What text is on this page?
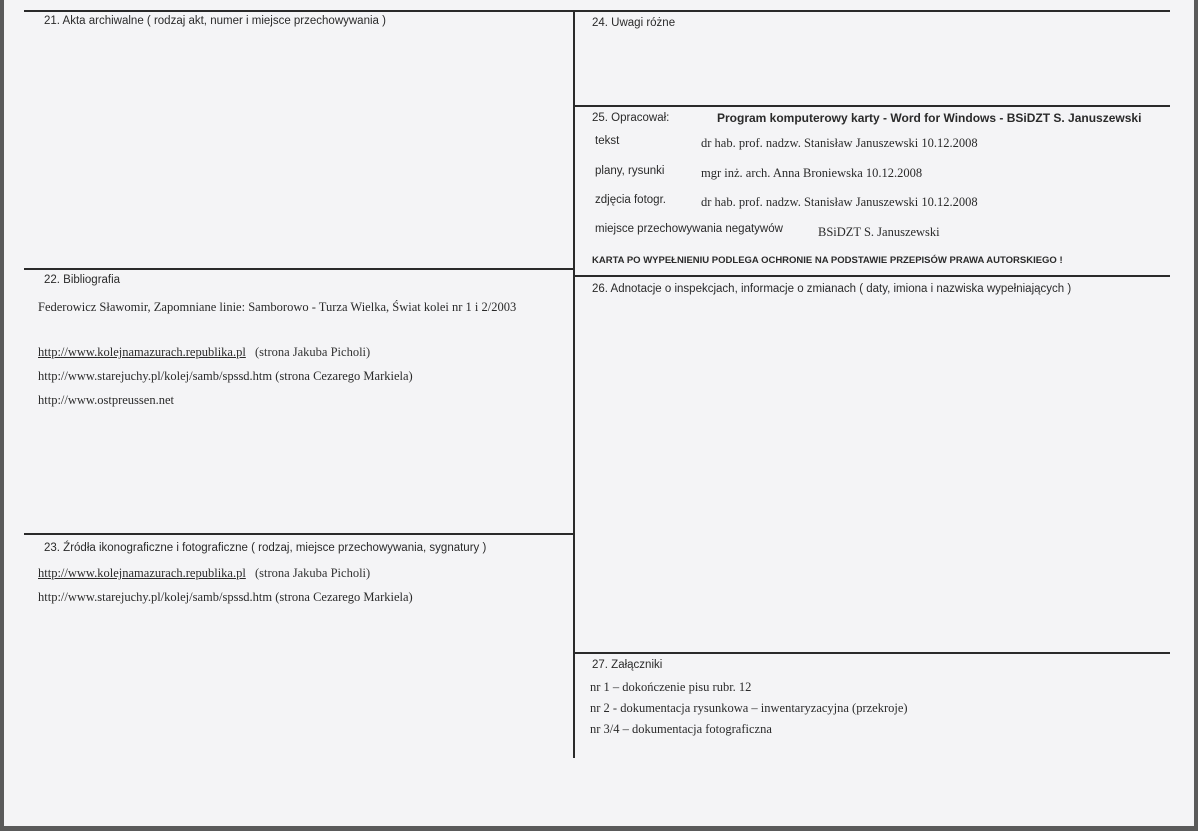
21. Akta archiwalne ( rodzaj akt, numer i miejsce przechowywania )
22. Bibliografia
Federowicz Sławomir, Zapomniane linie: Samborowo - Turza Wielka, Świat kolei nr 1 i 2/2003
http://www.kolejnamazurach.republika.pl (strona Jakuba Picholi)
http://www.starejuchy.pl/kolej/samb/spssd.htm (strona Cezarego Markiela)
http://www.ostpreussen.net
23. Źródła ikonograficzne i fotograficzne ( rodzaj, miejsce przechowywania, sygnatury )
http://www.kolejnamazurach.republika.pl (strona Jakuba Picholi)
http://www.starejuchy.pl/kolej/samb/spssd.htm (strona Cezarego Markiela)
24. Uwagi różne
25. Opracował:	Program komputerowy karty - Word for Windows - BSiDZT S. Januszewski
tekst	dr hab. prof. nadzw. Stanisław Januszewski 10.12.2008
plany, rysunki	mgr inż. arch. Anna Broniewska 10.12.2008
zdjęcia fotogr.	dr hab. prof. nadzw. Stanisław Januszewski 10.12.2008
miejsce przechowywania negatywów	BSiDZT S. Januszewski
KARTA PO WYPEŁNIENIU PODLEGA OCHRONIE NA PODSTAWIE PRZEPISÓW PRAWA AUTORSKIEGO !
26. Adnotacje o inspekcjach, informacje o zmianach ( daty, imiona i nazwiska wypełniających )
27. Załączniki
nr 1 – dokończenie pisu rubr. 12
nr 2 - dokumentacja rysunkowa – inwentaryzacyjna (przekroje)
nr 3/4 – dokumentacja fotograficzna
